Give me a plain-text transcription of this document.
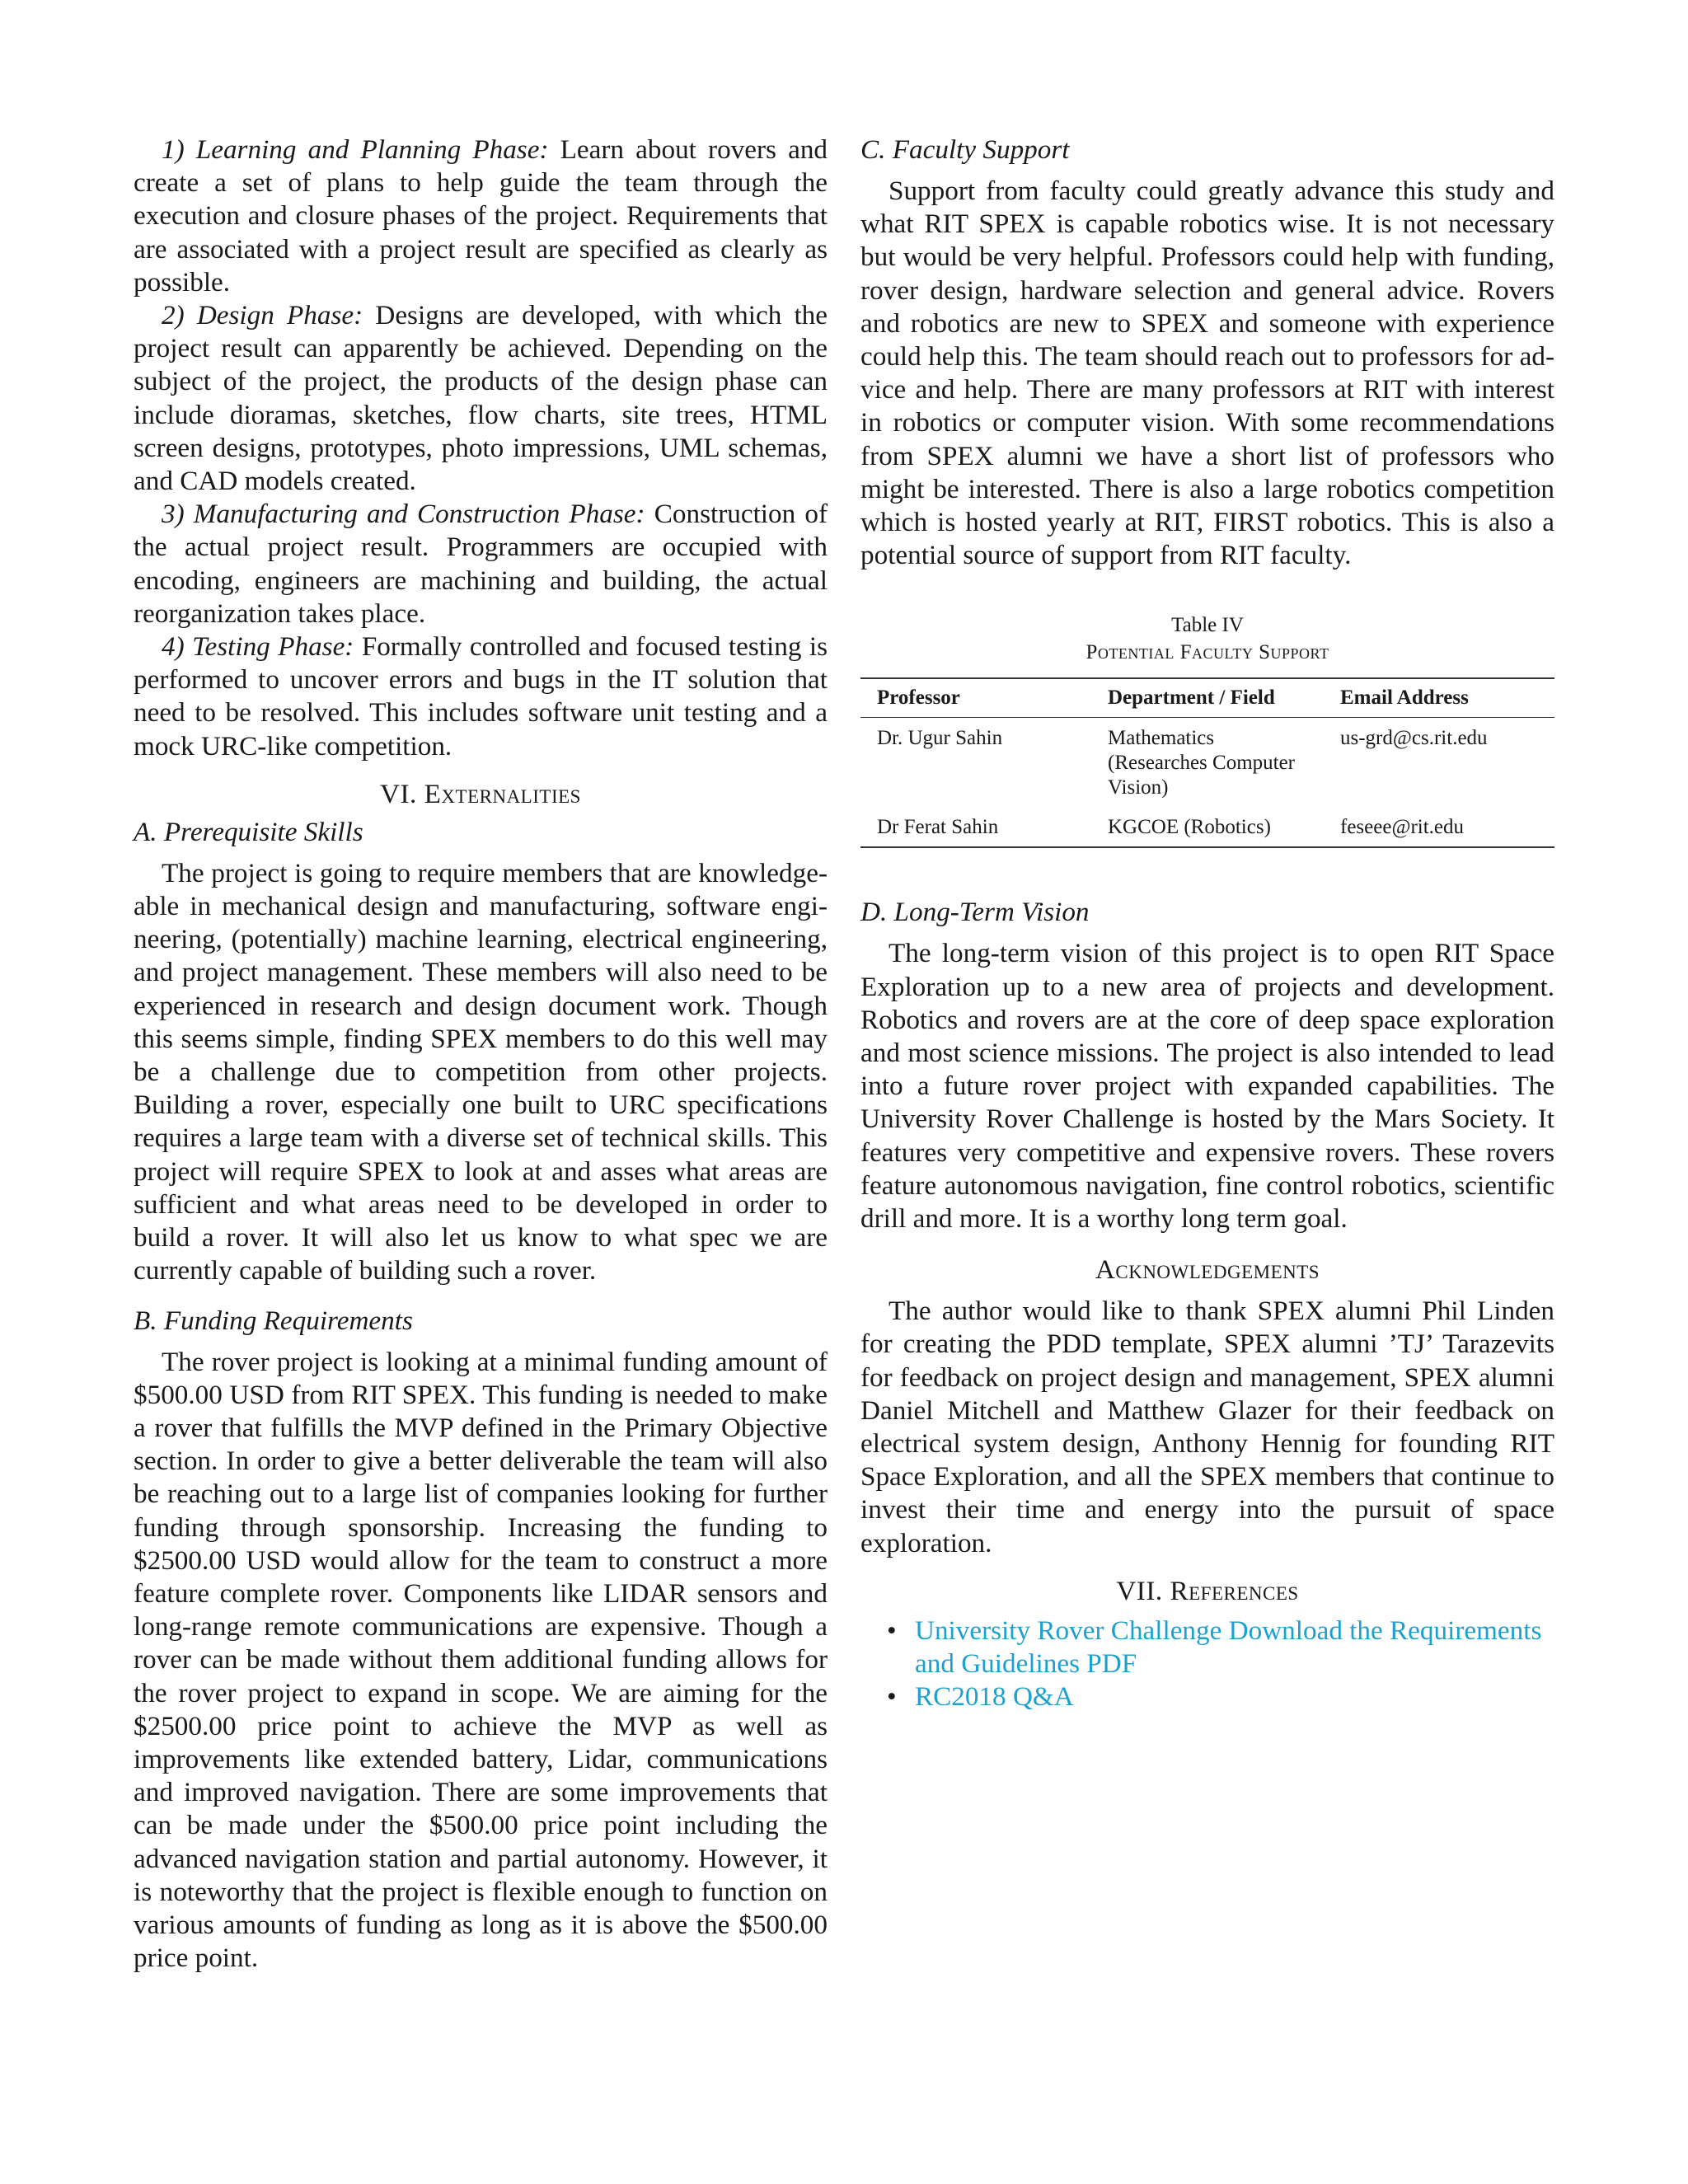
1) Learning and Planning Phase: Learn about rovers and create a set of plans to help guide the team through the execution and closure phases of the project. Requirements that are associated with a project result are specified as clearly as possible.

2) Design Phase: Designs are developed, with which the project result can apparently be achieved. Depending on the subject of the project, the products of the design phase can include dioramas, sketches, flow charts, site trees, HTML screen designs, prototypes, photo impressions, UML schemas, and CAD models created.

3) Manufacturing and Construction Phase: Construction of the actual project result. Programmers are occupied with encoding, engineers are machining and building, the actual reorganization takes place.

4) Testing Phase: Formally controlled and focused testing is performed to uncover errors and bugs in the IT solution that need to be resolved. This includes software unit testing and a mock URC-like competition.

VI. Externalities
A. Prerequisite Skills

The project is going to require members that are knowledgeable in mechanical design and manufacturing, software engineering, (potentially) machine learning, electrical engineering, and project management. These members will also need to be experienced in research and design document work. Though this seems simple, finding SPEX members to do this well may be a challenge due to competition from other projects. Building a rover, especially one built to URC specifications requires a large team with a diverse set of technical skills. This project will require SPEX to look at and asses what areas are sufficient and what areas need to be developed in order to build a rover. It will also let us know to what spec we are currently capable of building such a rover.

B. Funding Requirements

The rover project is looking at a minimal funding amount of $500.00 USD from RIT SPEX. This funding is needed to make a rover that fulfills the MVP defined in the Primary Objective section. In order to give a better deliverable the team will also be reaching out to a large list of companies looking for further funding through sponsorship. Increasing the funding to $2500.00 USD would allow for the team to construct a more feature complete rover. Components like LIDAR sensors and long-range remote communications are expensive. Though a rover can be made without them additional funding allows for the rover project to expand in scope. We are aiming for the $2500.00 price point to achieve the MVP as well as improvements like extended battery, Lidar, communications and improved navigation. There are some improvements that can be made under the $500.00 price point including the advanced navigation station and partial autonomy. However, it is noteworthy that the project is flexible enough to function on various amounts of funding as long as it is above the $500.00 price point.

C. Faculty Support

Support from faculty could greatly advance this study and what RIT SPEX is capable robotics wise. It is not necessary but would be very helpful. Professors could help with funding, rover design, hardware selection and general advice. Rovers and robotics are new to SPEX and someone with experience could help this. The team should reach out to professors for advice and help. There are many professors at RIT with interest in robotics or computer vision. With some recommendations from SPEX alumni we have a short list of professors who might be interested. There is also a large robotics competition which is hosted yearly at RIT, FIRST robotics. This is also a potential source of support from RIT faculty.

Table IV
Potential Faculty Support
Professor	Department / Field	Email Address
Dr. Ugur Sahin	Mathematics (Researches Computer Vision)	us-grd@cs.rit.edu
Dr Ferat Sahin	KGCOE (Robotics)	feseee@rit.edu
D. Long-Term Vision

The long-term vision of this project is to open RIT Space Exploration up to a new area of projects and development. Robotics and rovers are at the core of deep space exploration and most science missions. The project is also intended to lead into a future rover project with expanded capabilities. The University Rover Challenge is hosted by the Mars Society. It features very competitive and expensive rovers. These rovers feature autonomous navigation, fine control robotics, scientific drill and more. It is a worthy long term goal.

Acknowledgements

The author would like to thank SPEX alumni Phil Linden for creating the PDD template, SPEX alumni ’TJ’ Tarazevits for feedback on project design and management, SPEX alumni Daniel Mitchell and Matthew Glazer for their feedback on electrical system design, Anthony Hennig for founding RIT Space Exploration, and all the SPEX members that continue to invest their time and energy into the pursuit of space exploration.

VII. References
• University Rover Challenge Download the Requirements and Guidelines PDF
• RC2018 Q&A
